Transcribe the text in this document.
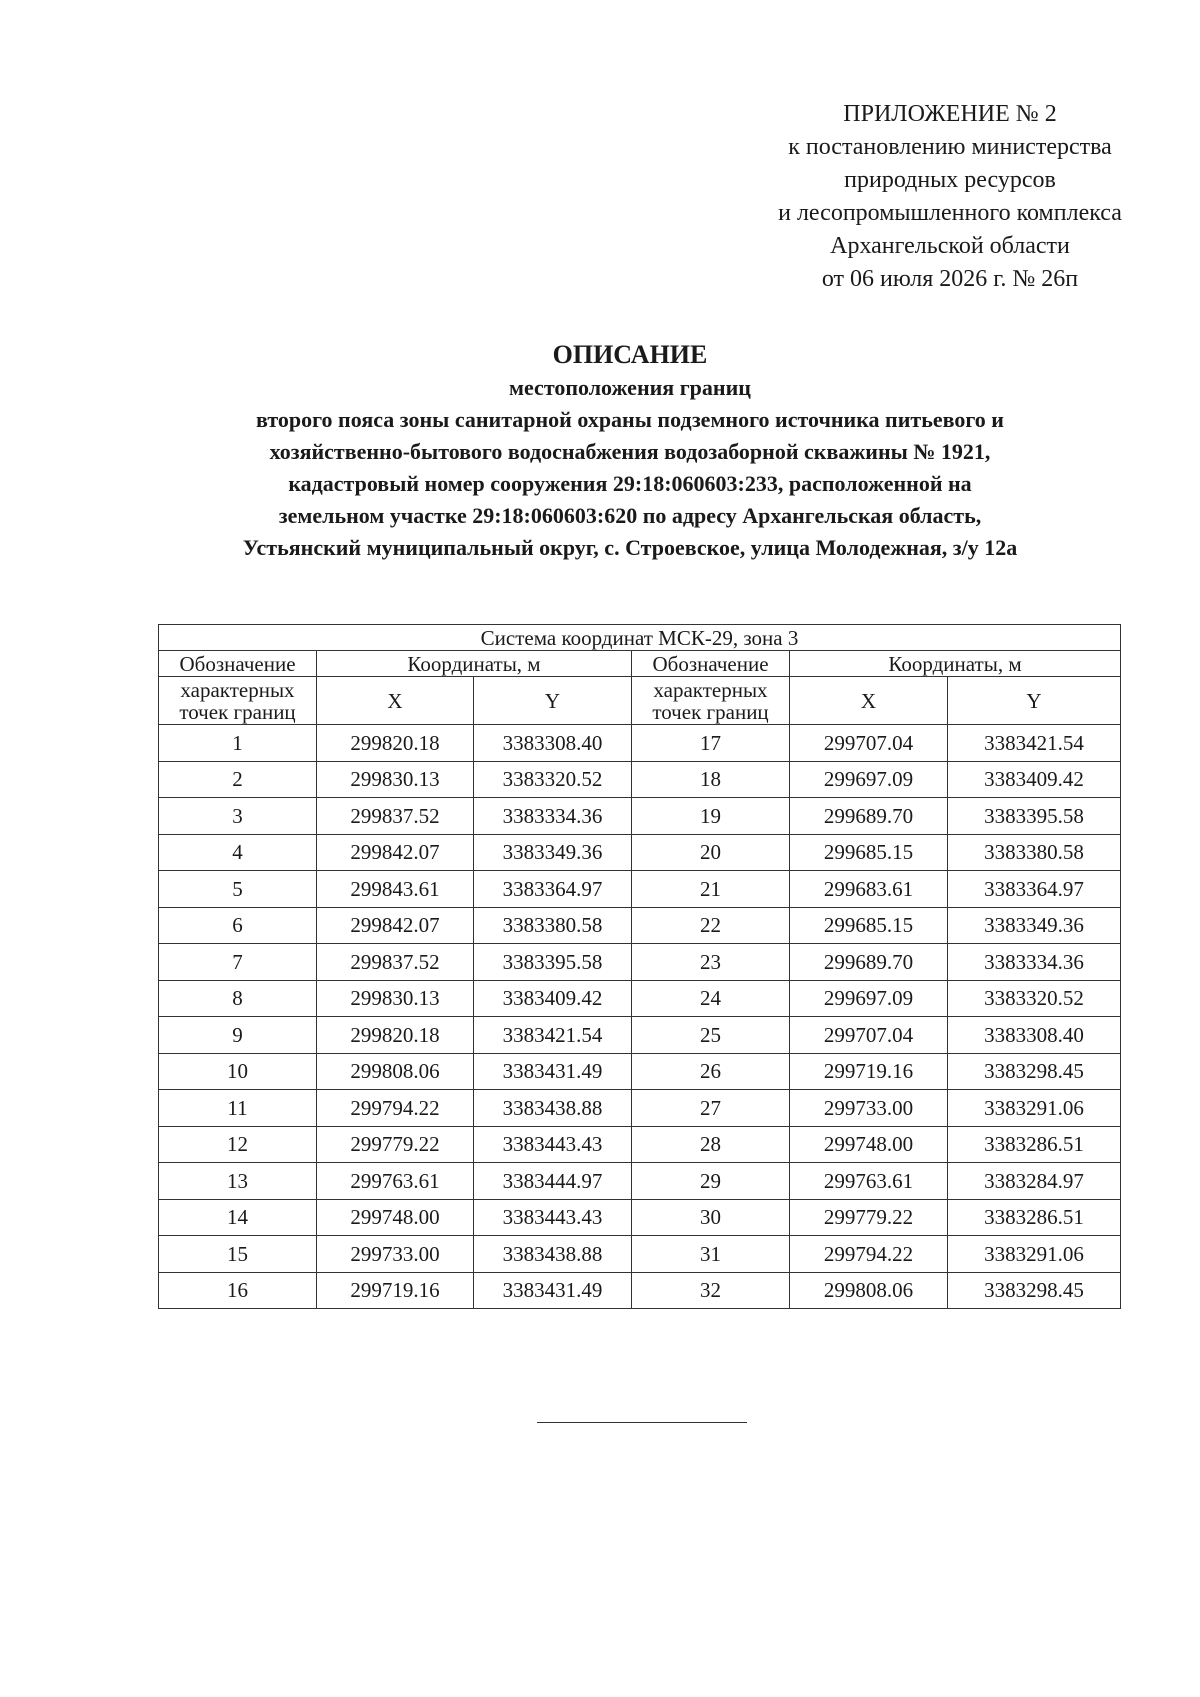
ПРИЛОЖЕНИЕ № 2
к постановлению министерства
природных ресурсов
и лесопромышленного комплекса
Архангельской области
от 06 июля 2026 г. № 26п
ОПИСАНИЕ
местоположения границ
второго пояса зоны санитарной охраны подземного источника питьевого и
хозяйственно-бытового водоснабжения водозаборной скважины № 1921,
кадастровый номер сооружения 29:18:060603:233, расположенной на
земельном участке 29:18:060603:620 по адресу Архангельская область,
Устьянский муниципальный округ, с. Строевское, улица Молодежная, з/у 12а
Система координат МСК-29, зона 3					
Обозначение	Координаты, м		Обозначение	Координаты, м	
характерных точек границ	X	Y	характерных точек границ	X	Y
1	299820.18	3383308.40	17	299707.04	3383421.54
2	299830.13	3383320.52	18	299697.09	3383409.42
3	299837.52	3383334.36	19	299689.70	3383395.58
4	299842.07	3383349.36	20	299685.15	3383380.58
5	299843.61	3383364.97	21	299683.61	3383364.97
6	299842.07	3383380.58	22	299685.15	3383349.36
7	299837.52	3383395.58	23	299689.70	3383334.36
8	299830.13	3383409.42	24	299697.09	3383320.52
9	299820.18	3383421.54	25	299707.04	3383308.40
10	299808.06	3383431.49	26	299719.16	3383298.45
11	299794.22	3383438.88	27	299733.00	3383291.06
12	299779.22	3383443.43	28	299748.00	3383286.51
13	299763.61	3383444.97	29	299763.61	3383284.97
14	299748.00	3383443.43	30	299779.22	3383286.51
15	299733.00	3383438.88	31	299794.22	3383291.06
16	299719.16	3383431.49	32	299808.06	3383298.45
